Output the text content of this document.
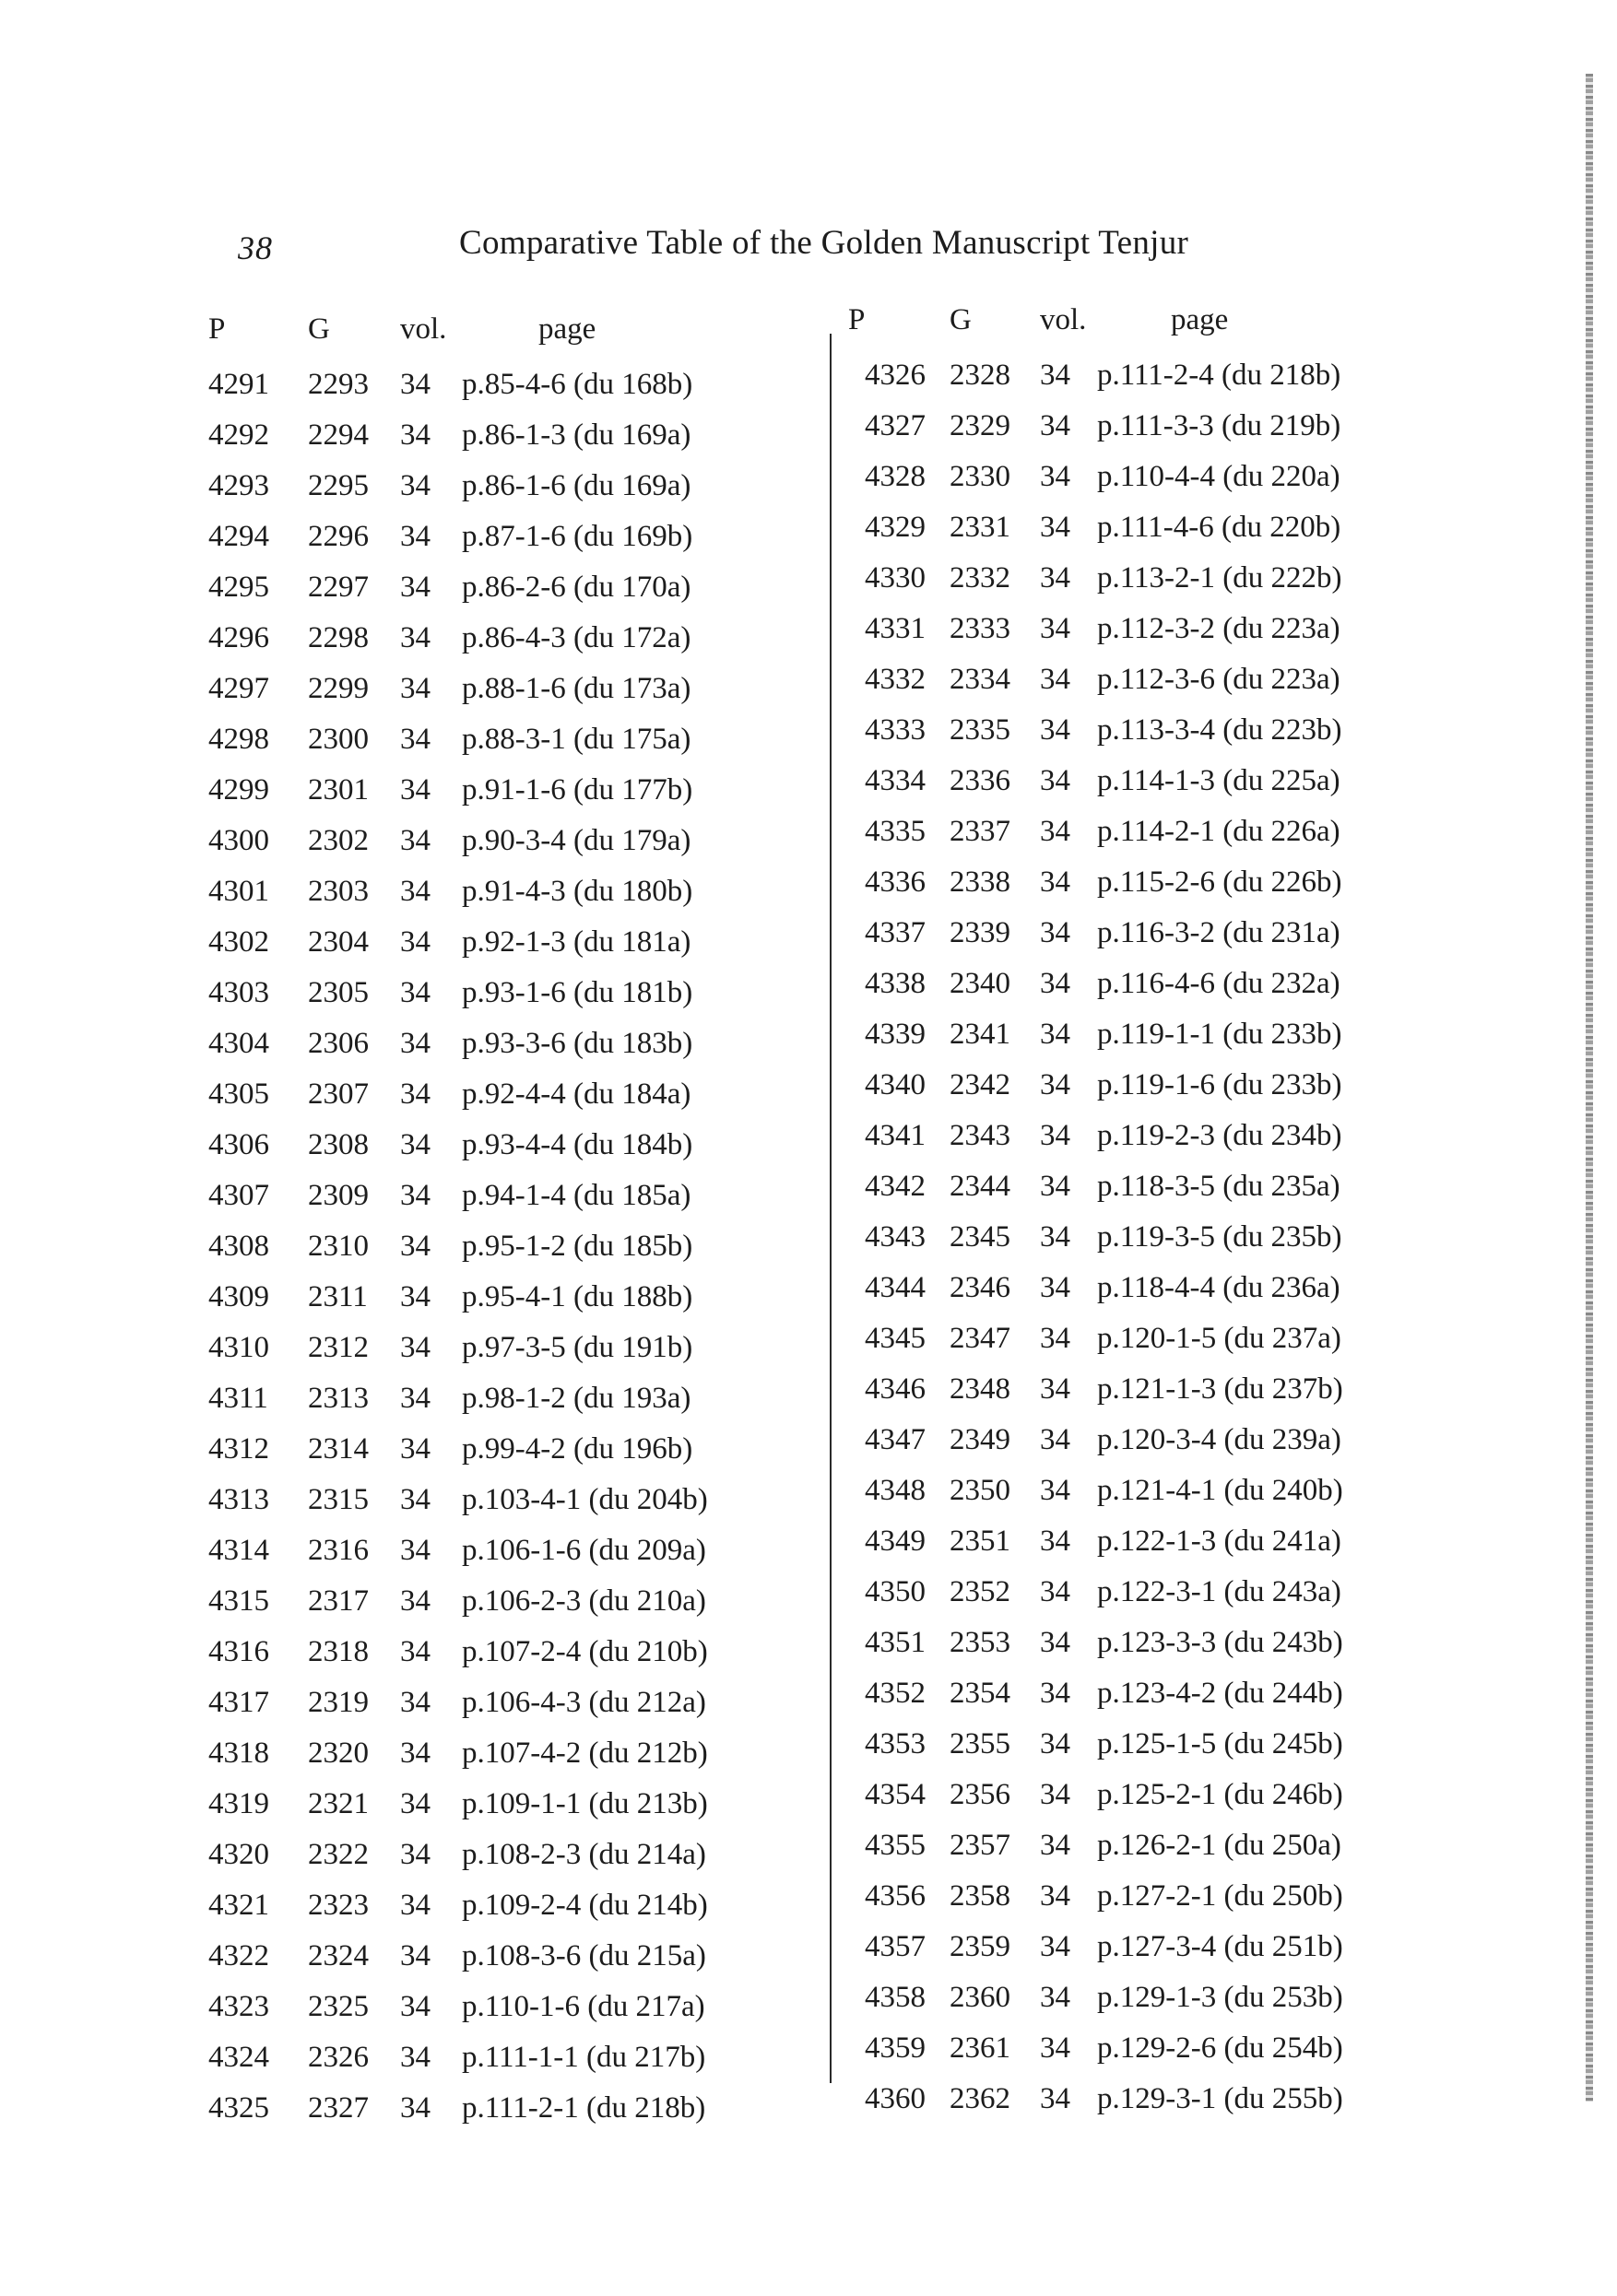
38	Comparative Table of the Golden Manuscript Tenjur
P	G vol.	page
4291 2293 34 p.85-4-6 (du 168b)
4292 2294 34 p.86-1-3 (du 169a)
4293 2295 34 p.86-1-6 (du 169a)
4294 2296 34 p.87-1-6 (du 169b)
4295 2297 34 p.86-2-6 (du 170a)
4296 2298 34 p.86-4-3 (du 172a)
4297 2299 34 p.88-1-6 (du 173a)
4298 2300 34 p.88-3-1 (du 175a)
4299 2301 34 p.91-1-6 (du 177b)
4300 2302 34 p.90-3-4 (du 179a)
4301 2303 34 p.91-4-3 (du 180b)
4302 2304 34 p.92-1-3 (du 181a)
4303 2305 34 p.93-1-6 (du 181b)
4304 2306 34 p.93-3-6 (du 183b)
4305 2307 34 p.92-4-4 (du 184a)
4306 2308 34 p.93-4-4 (du 184b)
4307 2309 34 p.94-1-4 (du 185a)
4308 2310 34 p.95-1-2 (du 185b)
4309 2311 34 p.95-4-1 (du 188b)
4310 2312 34 p.97-3-5 (du 191b)
4311 2313 34 p.98-1-2 (du 193a)
4312 2314 34 p.99-4-2 (du 196b)
4313 2315 34 p.103-4-1 (du 204b)
4314 2316 34 p.106-1-6 (du 209a)
4315 2317 34 p.106-2-3 (du 210a)
4316 2318 34 p.107-2-4 (du 210b)
4317 2319 34 p.106-4-3 (du 212a)
4318 2320 34 p.107-4-2 (du 212b)
4319 2321 34 p.109-1-1 (du 213b)
4320 2322 34 p.108-2-3 (du 214a)
4321 2323 34 p.109-2-4 (du 214b)
4322 2324 34 p.108-3-6 (du 215a)
4323 2325 34 p.110-1-6 (du 217a)
4324 2326 34 p.111-1-1 (du 217b)
4325 2327 34 p.111-2-1 (du 218b)
P	G vol.	page
4326 2328 34 p.111-2-4 (du 218b)
4327 2329 34 p.111-3-3 (du 219b)
4328 2330 34 p.110-4-4 (du 220a)
4329 2331 34 p.111-4-6 (du 220b)
4330 2332 34 p.113-2-1 (du 222b)
4331 2333 34 p.112-3-2 (du 223a)
4332 2334 34 p.112-3-6 (du 223a)
4333 2335 34 p.113-3-4 (du 223b)
4334 2336 34 p.114-1-3 (du 225a)
4335 2337 34 p.114-2-1 (du 226a)
4336 2338 34 p.115-2-6 (du 226b)
4337 2339 34 p.116-3-2 (du 231a)
4338 2340 34 p.116-4-6 (du 232a)
4339 2341 34 p.119-1-1 (du 233b)
4340 2342 34 p.119-1-6 (du 233b)
4341 2343 34 p.119-2-3 (du 234b)
4342 2344 34 p.118-3-5 (du 235a)
4343 2345 34 p.119-3-5 (du 235b)
4344 2346 34 p.118-4-4 (du 236a)
4345 2347 34 p.120-1-5 (du 237a)
4346 2348 34 p.121-1-3 (du 237b)
4347 2349 34 p.120-3-4 (du 239a)
4348 2350 34 p.121-4-1 (du 240b)
4349 2351 34 p.122-1-3 (du 241a)
4350 2352 34 p.122-3-1 (du 243a)
4351 2353 34 p.123-3-3 (du 243b)
4352 2354 34 p.123-4-2 (du 244b)
4353 2355 34 p.125-1-5 (du 245b)
4354 2356 34 p.125-2-1 (du 246b)
4355 2357 34 p.126-2-1 (du 250a)
4356 2358 34 p.127-2-1 (du 250b)
4357 2359 34 p.127-3-4 (du 251b)
4358 2360 34 p.129-1-3 (du 253b)
4359 2361 34 p.129-2-6 (du 254b)
4360 2362 34 p.129-3-1 (du 255b)
